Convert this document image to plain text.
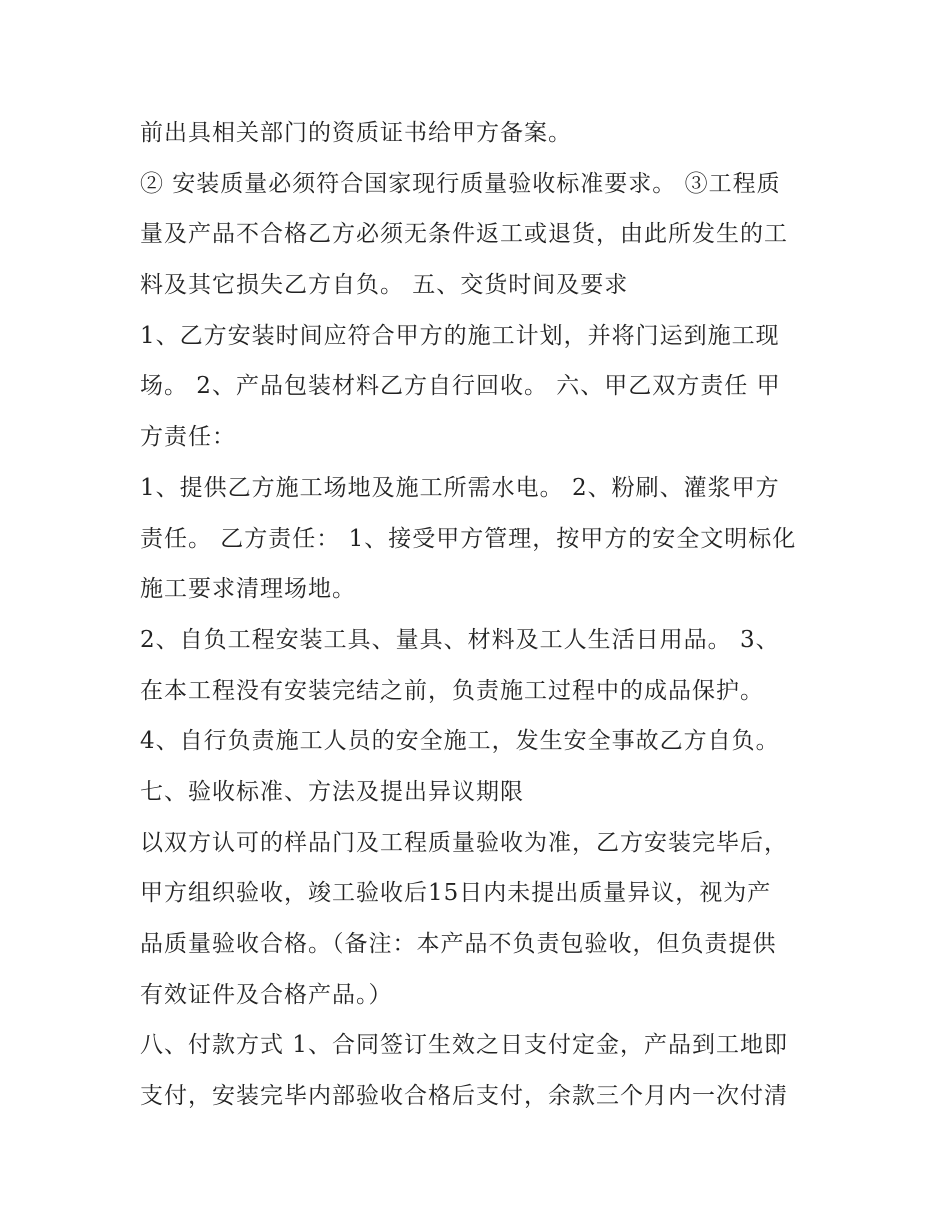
前出具相关部门的资质证书给甲方备案。
② 安装质量必须符合国家现行质量验收标准要求。 ③工程质
量及产品不合格乙方必须无条件返工或退货，由此所发生的工
料及其它损失乙方自负。 五、交货时间及要求
1、乙方安装时间应符合甲方的施工计划，并将门运到施工现
场。 2、产品包装材料乙方自行回收。 六、甲乙双方责任 甲
方责任：
1、提供乙方施工场地及施工所需水电。 2、粉刷、灌浆甲方
责任。 乙方责任： 1、接受甲方管理，按甲方的安全文明标化
施工要求清理场地。
2、自负工程安装工具、量具、材料及工人生活日用品。 3、
在本工程没有安装完结之前，负责施工过程中的成品保护。
4、自行负责施工人员的安全施工，发生安全事故乙方自负。
七、验收标准、方法及提出异议期限
以双方认可的样品门及工程质量验收为准，乙方安装完毕后，
甲方组织验收，竣工验收后15日内未提出质量异议，视为产
品质量验收合格。（备注：本产品不负责包验收，但负责提供
有效证件及合格产品。）
八、付款方式 1、合同签订生效之日支付定金，产品到工地即
支付，安装完毕内部验收合格后支付，余款三个月内一次付清
